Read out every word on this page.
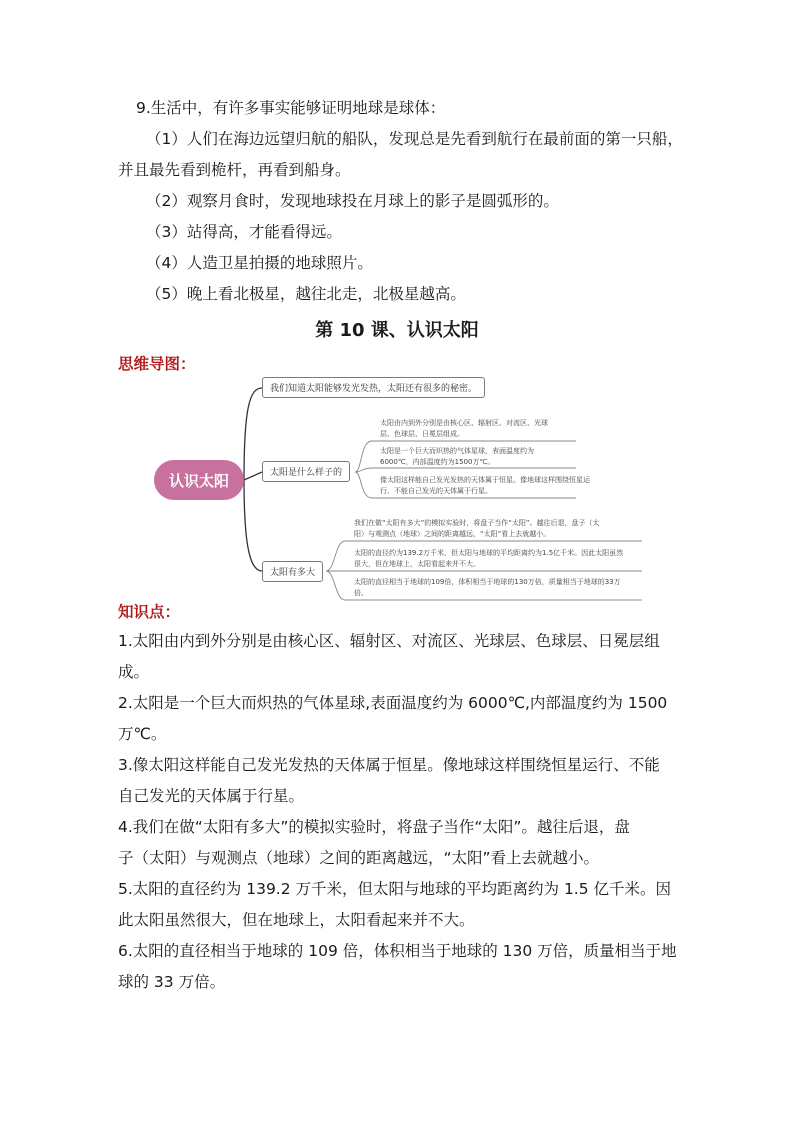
9.生活中，有许多事实能够证明地球是球体：
（1）人们在海边远望归航的船队，发现总是先看到航行在最前面的第一只船，
并且最先看到桅杆，再看到船身。
（2）观察月食时，发现地球投在月球上的影子是圆弧形的。
（3）站得高，才能看得远。
（4）人造卫星拍摄的地球照片。
（5）晚上看北极星，越往北走，北极星越高。
第 10 课、认识太阳
思维导图：
认识太阳
我们知道太阳能够发光发热，太阳还有很多的秘密。
太阳是什么样子的
太阳有多大
太阳由内到外分别是由核心区、辐射区、对流区、光球
层、色球层、日冕层组成。
太阳是一个巨大而炽热的气体星球，表面温度约为
6000℃，内部温度约为1500万℃。
像太阳这样能自己发光发热的天体属于恒星。像地球这样围绕恒星运
行、不能自己发光的天体属于行星。
我们在做“太阳有多大”的模拟实验时，将盘子当作“太阳”。越往后退，盘子（太
阳）与观测点（地球）之间的距离越远，“太阳”看上去就越小。
太阳的直径约为139.2万千米，但太阳与地球的平均距离约为1.5亿千米。因此太阳虽然
很大，但在地球上，太阳看起来并不大。
太阳的直径相当于地球的109倍，体积相当于地球的130万倍，质量相当于地球的33万
倍。
知识点：
1.太阳由内到外分别是由核心区、辐射区、对流区、光球层、色球层、日冕层组
成。
2.太阳是一个巨大而炽热的气体星球,表面温度约为 6000℃,内部温度约为 1500
万℃。
3.像太阳这样能自己发光发热的天体属于恒星。像地球这样围绕恒星运行、不能
自己发光的天体属于行星。
4.我们在做“太阳有多大”的模拟实验时，将盘子当作“太阳”。越往后退，盘
子（太阳）与观测点（地球）之间的距离越远，“太阳”看上去就越小。
5.太阳的直径约为 139.2 万千米，但太阳与地球的平均距离约为 1.5 亿千米。因
此太阳虽然很大，但在地球上，太阳看起来并不大。
6.太阳的直径相当于地球的 109 倍，体积相当于地球的 130 万倍，质量相当于地
球的 33 万倍。
